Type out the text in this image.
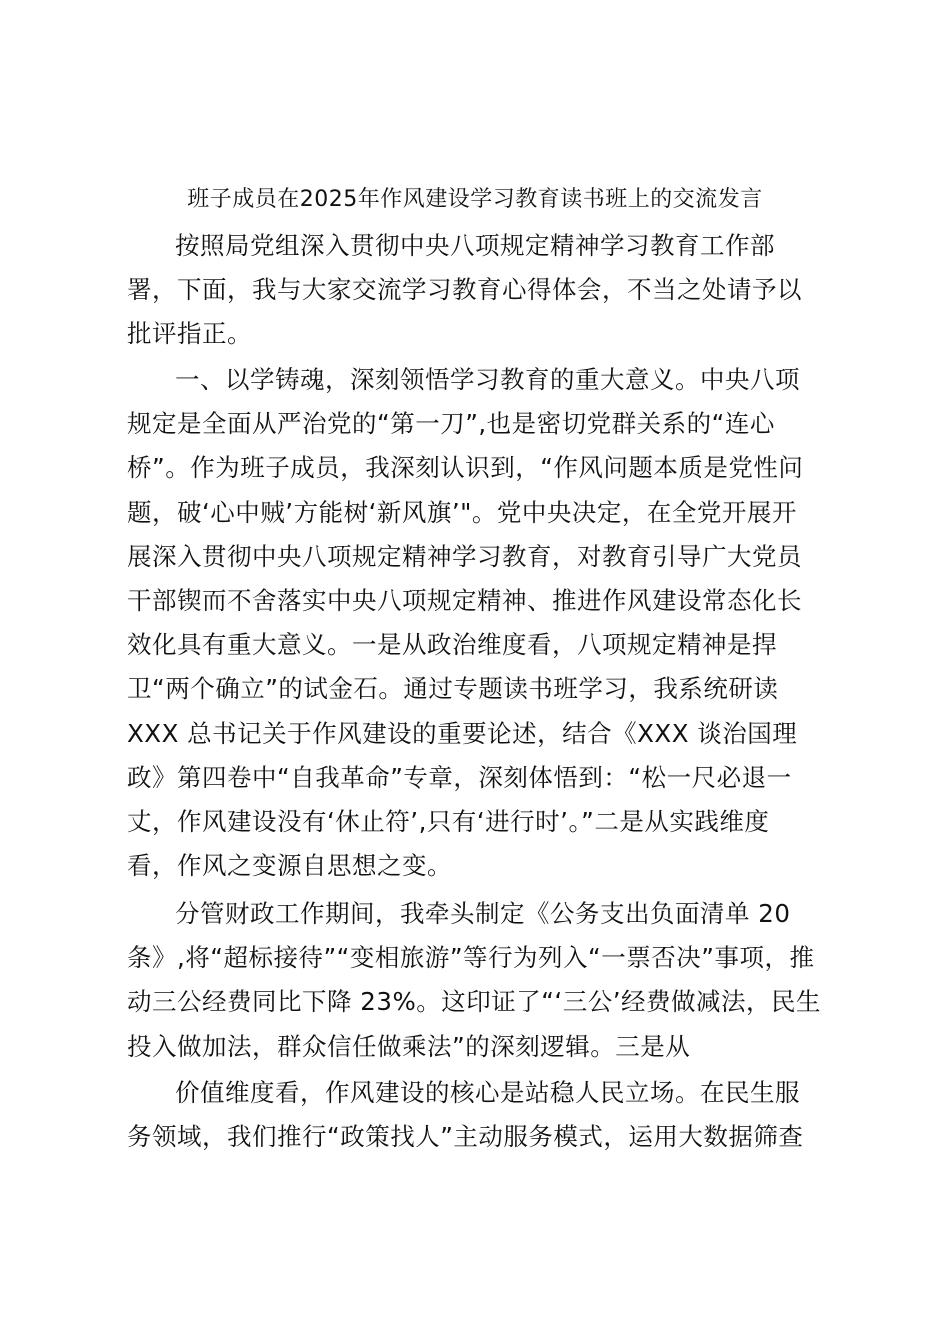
班子成员在2025年作风建设学习教育读书班上的交流发言
按照局党组深入贯彻中央八项规定精神学习教育工作部
署，下面，我与大家交流学习教育心得体会，不当之处请予以
批评指正。
一、以学铸魂，深刻领悟学习教育的重大意义。中央八项
规定是全面从严治党的“第一刀”,也是密切党群关系的“连心
桥”。作为班子成员，我深刻认识到，“作风问题本质是党性问
题，破‘心中贼’方能树‘新风旗’"。党中央决定，在全党开展开
展深入贯彻中央八项规定精神学习教育，对教育引导广大党员
干部锲而不舍落实中央八项规定精神、推进作风建设常态化长
效化具有重大意义。一是从政治维度看，八项规定精神是捍
卫“两个确立”的试金石。通过专题读书班学习，我系统研读
XXX 总书记关于作风建设的重要论述，结合《XXX 谈治国理
政》第四卷中“自我革命”专章，深刻体悟到：“松一尺必退一
丈，作风建设没有‘休止符’,只有‘进行时’。”二是从实践维度
看，作风之变源自思想之变。
分管财政工作期间，我牵头制定《公务支出负面清单 20
条》,将“超标接待”“变相旅游”等行为列入“一票否决”事项，推
动三公经费同比下降 23%。这印证了“‘三公’经费做减法，民生
投入做加法，群众信任做乘法”的深刻逻辑。三是从
价值维度看，作风建设的核心是站稳人民立场。在民生服
务领域，我们推行“政策找人”主动服务模式，运用大数据筛查
